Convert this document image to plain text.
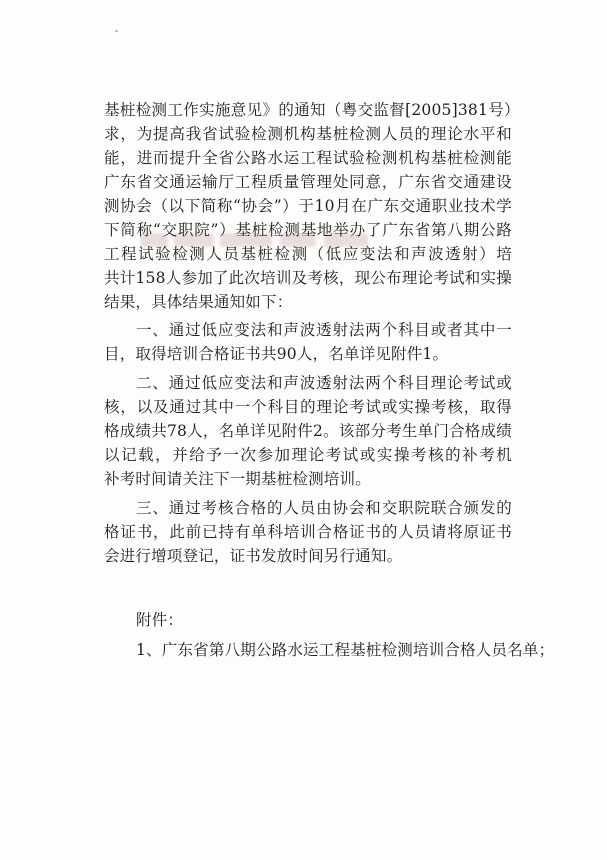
基桩检测工作实施意见》的通知（粤交监督[2005]381号）
求，为提高我省试验检测机构基桩检测人员的理论水平和
能，进而提升全省公路水运工程试验检测机构基桩检测能
广东省交通运输厅工程质量管理处同意，广东省交通建设
测协会（以下简称“协会”）于10月在广东交通职业技术学
下简称“交职院”）基桩检测基地举办了广东省第八期公路
工程试验检测人员基桩检测（低应变法和声波透射）培
共计158人参加了此次培训及考核，现公布理论考试和实操
结果，具体结果通知如下：
一、通过低应变法和声波透射法两个科目或者其中一
目，取得培训合格证书共90人，名单详见附件1。
二、通过低应变法和声波透射法两个科目理论考试或
核，以及通过其中一个科目的理论考试或实操考核，取得
格成绩共78人，名单详见附件2。该部分考生单门合格成绩
以记载，并给予一次参加理论考试或实操考核的补考机
补考时间请关注下一期基桩检测培训。
三、通过考核合格的人员由协会和交职院联合颁发的
格证书，此前已持有单科培训合格证书的人员请将原证书
会进行增项登记，证书发放时间另行通知。
附件：
1、广东省第八期公路水运工程基桩检测培训合格人员名单；
